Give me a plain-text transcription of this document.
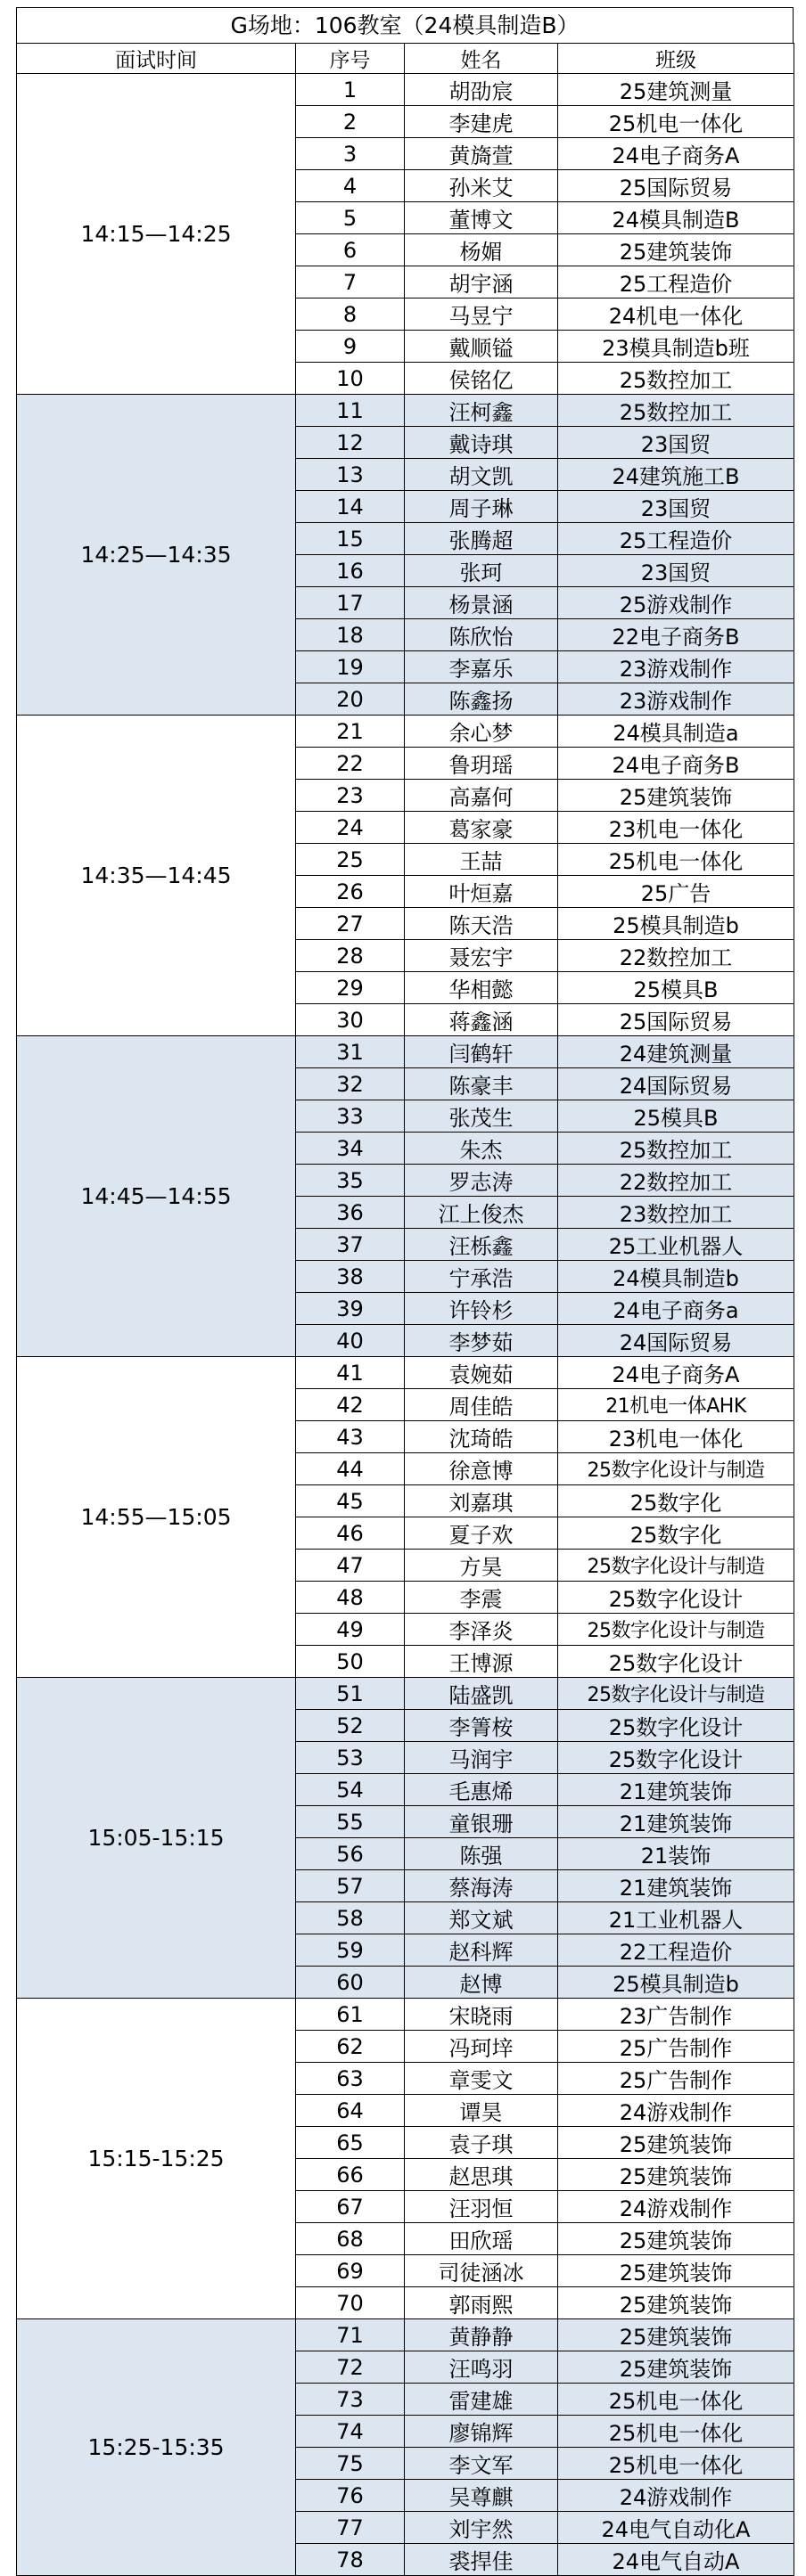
G场地：106教室（24模具制造B）
面试时间	序号	姓名	班级
14:15—14:25	1	胡劭宸	25建筑测量
	2	李建虎	25机电一体化
	3	黄旖萱	24电子商务A
	4	孙米艾	25国际贸易
	5	董博文	24模具制造B
	6	杨媚	25建筑装饰
	7	胡宇涵	25工程造价
	8	马昱宁	24机电一体化
	9	戴顺镒	23模具制造b班
	10	侯铭亿	25数控加工
14:25—14:35	11	汪柯鑫	25数控加工
	12	戴诗琪	23国贸
	13	胡文凯	24建筑施工B
	14	周子琳	23国贸
	15	张腾超	25工程造价
	16	张珂	23国贸
	17	杨景涵	25游戏制作
	18	陈欣怡	22电子商务B
	19	李嘉乐	23游戏制作
	20	陈鑫扬	23游戏制作
14:35—14:45	21	余心梦	24模具制造a
	22	鲁玥瑶	24电子商务B
	23	高嘉何	25建筑装饰
	24	葛家豪	23机电一体化
	25	王喆	25机电一体化
	26	叶烜嘉	25广告
	27	陈天浩	25模具制造b
	28	聂宏宇	22数控加工
	29	华相懿	25模具B
	30	蒋鑫涵	25国际贸易
14:45—14:55	31	闫鹤轩	24建筑测量
	32	陈豪丰	24国际贸易
	33	张茂生	25模具B
	34	朱杰	25数控加工
	35	罗志涛	22数控加工
	36	江上俊杰	23数控加工
	37	汪栎鑫	25工业机器人
	38	宁承浩	24模具制造b
	39	许铃杉	24电子商务a
	40	李梦茹	24国际贸易
14:55—15:05	41	袁婉茹	24电子商务A
	42	周佳皓	21机电一体AHK
	43	沈琦皓	23机电一体化
	44	徐意博	25数字化设计与制造
	45	刘嘉琪	25数字化
	46	夏子欢	25数字化
	47	方昊	25数字化设计与制造
	48	李震	25数字化设计
	49	李泽炎	25数字化设计与制造
	50	王博源	25数字化设计
15:05-15:15	51	陆盛凯	25数字化设计与制造
	52	李箐桉	25数字化设计
	53	马润宇	25数字化设计
	54	毛惠烯	21建筑装饰
	55	童银珊	21建筑装饰
	56	陈强	21装饰
	57	蔡海涛	21建筑装饰
	58	郑文斌	21工业机器人
	59	赵科辉	22工程造价
	60	赵博	25模具制造b
15:15-15:25	61	宋晓雨	23广告制作
	62	冯珂垶	25广告制作
	63	章雯文	25广告制作
	64	谭昊	24游戏制作
	65	袁子琪	25建筑装饰
	66	赵思琪	25建筑装饰
	67	汪羽恒	24游戏制作
	68	田欣瑶	25建筑装饰
	69	司徒涵冰	25建筑装饰
	70	郭雨熙	25建筑装饰
15:25-15:35	71	黄静静	25建筑装饰
	72	汪鸣羽	25建筑装饰
	73	雷建雄	25机电一体化
	74	廖锦辉	25机电一体化
	75	李文军	25机电一体化
	76	吴尊麒	24游戏制作
	77	刘宇然	24电气自动化A
	78	裘捍佳	24电气自动A
